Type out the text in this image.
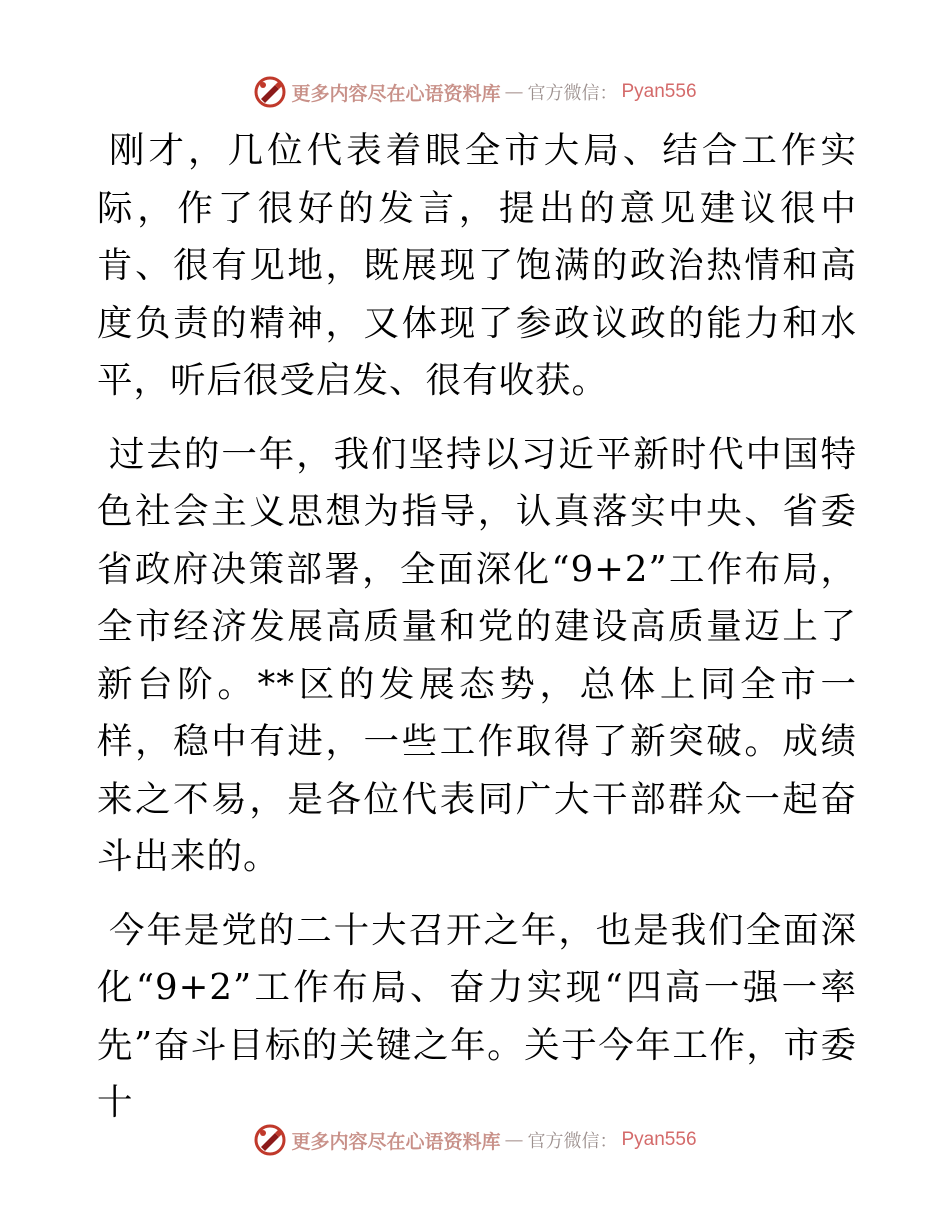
更多内容尽在心语资料库 — 官方微信： Pyan556

刚才，几位代表着眼全市大局、结合工作实际，作了很好的发言，提出的意见建议很中肯、很有见地，既展现了饱满的政治热情和高度负责的精神，又体现了参政议政的能力和水平，听后很受启发、很有收获。

过去的一年，我们坚持以习近平新时代中国特色社会主义思想为指导，认真落实中央、省委省政府决策部署，全面深化“9+2”工作布局，全市经济发展高质量和党的建设高质量迈上了新台阶。**区的发展态势，总体上同全市一样，稳中有进，一些工作取得了新突破。成绩来之不易，是各位代表同广大干部群众一起奋斗出来的。

今年是党的二十大召开之年，也是我们全面深化“9+2”工作布局、奋力实现“四高一强一率先”奋斗目标的关键之年。关于今年工作，市委十

更多内容尽在心语资料库 — 官方微信： Pyan556
